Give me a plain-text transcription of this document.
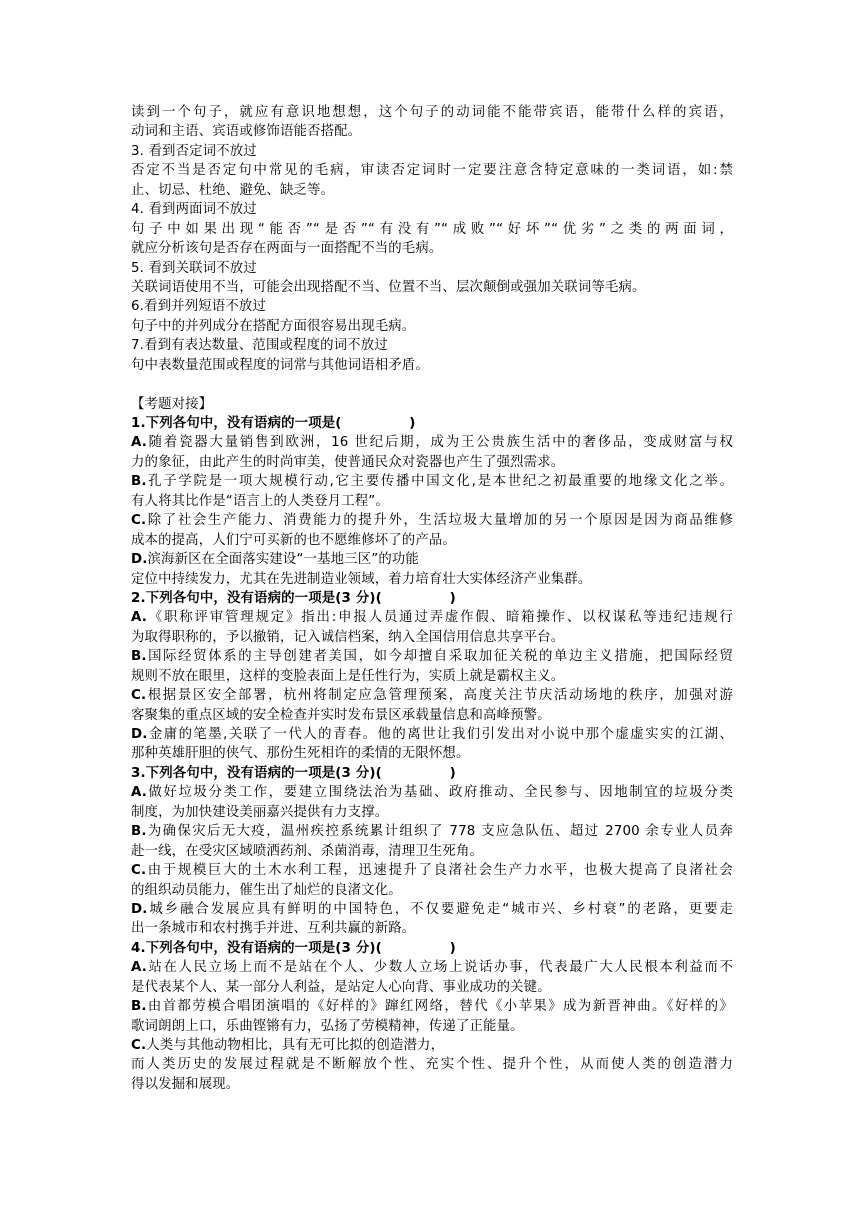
读到一个句子，就应有意识地想想，这个句子的动词能不能带宾语，能带什么样的宾语，
动词和主语、宾语或修饰语能否搭配。
3. 看到否定词不放过
否定不当是否定句中常见的毛病，审读否定词时一定要注意含特定意味的一类词语，如:禁
止、切忌、杜绝、避免、缺乏等。
4. 看到两面词不放过
句子中如果出现“能否”“是否”“有没有”“成败”“好坏”“优劣”之类的两面词，
就应分析该句是否存在两面与一面搭配不当的毛病。
5. 看到关联词不放过
关联词语使用不当，可能会出现搭配不当、位置不当、层次颠倒或强加关联词等毛病。
6.看到并列短语不放过
句子中的并列成分在搭配方面很容易出现毛病。
7.看到有表达数量、范围或程度的词不放过
句中表数量范围或程度的词常与其他词语相矛盾。
【考题对接】
1.下列各句中，没有语病的一项是(　　　　　)
A.随着瓷器大量销售到欧洲，16 世纪后期，成为王公贵族生活中的奢侈品，变成财富与权
力的象征，由此产生的时尚审美，使普通民众对瓷器也产生了强烈需求。
B.孔子学院是一项大规模行动,它主要传播中国文化,是本世纪之初最重要的地缘文化之举。
有人将其比作是“语言上的人类登月工程”。
C.除了社会生产能力、消费能力的提升外，生活垃圾大量增加的另一个原因是因为商品维修
成本的提高，人们宁可买新的也不愿维修坏了的产品。
D.滨海新区在全面落实建设“一基地三区”的功能
定位中持续发力，尤其在先进制造业领域，着力培育壮大实体经济产业集群。
2.下列各句中，没有语病的一项是(3 分)(　　　　　)
A.《职称评审管理规定》指出:申报人员通过弄虚作假、暗箱操作、以权谋私等违纪违规行
为取得职称的，予以撤销，记入诚信档案，纳入全国信用信息共享平台。
B.国际经贸体系的主导创建者美国，如今却擅自采取加征关税的单边主义措施，把国际经贸
规则不放在眼里，这样的变脸表面上是任性行为，实质上就是霸权主义。
C.根据景区安全部署，杭州将制定应急管理预案，高度关注节庆活动场地的秩序，加强对游
客聚集的重点区域的安全检查并实时发布景区承载量信息和高峰预警。
D.金庸的笔墨,关联了一代人的青春。他的离世让我们引发出对小说中那个虚虚实实的江湖、
那种英雄肝胆的侠气、那份生死相许的柔情的无限怀想。
3.下列各句中，没有语病的一项是(3 分)(　　　　　)
A.做好垃圾分类工作，要建立围绕法治为基础、政府推动、全民参与、因地制宜的垃圾分类
制度，为加快建设美丽嘉兴提供有力支撑。
B.为确保灾后无大疫，温州疾控系统累计组织了 778 支应急队伍、超过 2700 余专业人员奔
赴一线，在受灾区域喷洒药剂、杀菌消毒，清理卫生死角。
C.由于规模巨大的土木水利工程，迅速提升了良渚社会生产力水平，也极大提高了良渚社会
的组织动员能力，催生出了灿烂的良渚文化。
D.城乡融合发展应具有鲜明的中国特色，不仅要避免走“城市兴、乡村衰”的老路，更要走
出一条城市和农村携手并进、互利共赢的新路。
4.下列各句中，没有语病的一项是(3 分)(　　　　　)
A.站在人民立场上而不是站在个人、少数人立场上说话办事，代表最广大人民根本利益而不
是代表某个人、某一部分人利益，是站定人心向背、事业成功的关键。
B.由首都劳模合唱团演唱的《好样的》蹿红网络，替代《小苹果》成为新晋神曲。《好样的》
歌词朗朗上口，乐曲铿锵有力，弘扬了劳模精神，传递了正能量。
C.人类与其他动物相比，具有无可比拟的创造潜力，
而人类历史的发展过程就是不断解放个性、充实个性、提升个性，从而使人类的创造潜力
得以发掘和展现。
